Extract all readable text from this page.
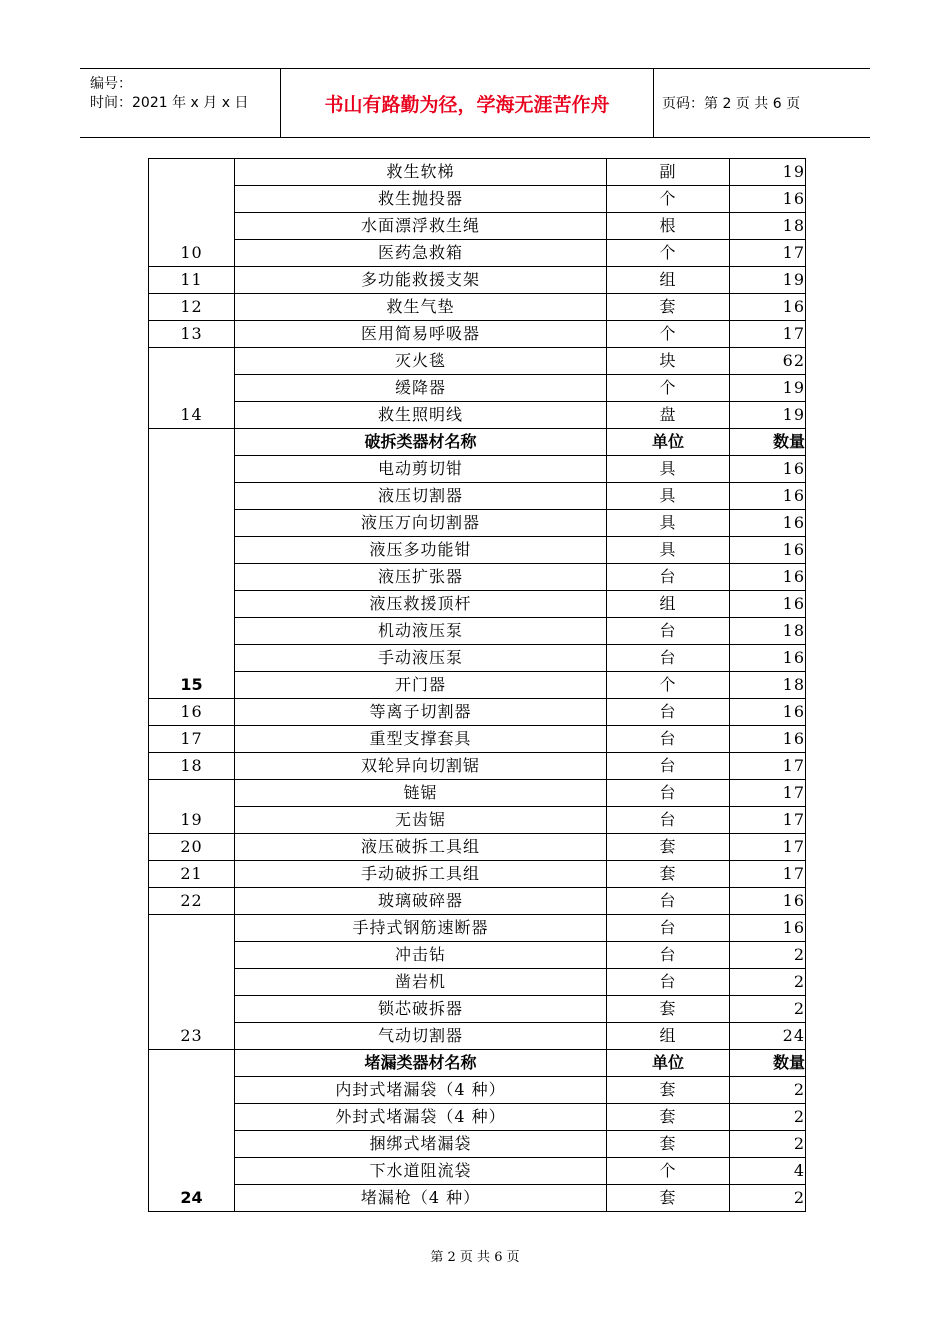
编号：
时间：2021 年 x 月 x 日	书山有路勤为径，学海无涯苦作舟	页码：第 2 页 共 6 页
10	救生软梯	副	19
	救生抛投器	个	16
	水面漂浮救生绳	根	18
	医药急救箱	个	17
11	多功能救援支架	组	19
12	救生气垫	套	16
13	医用简易呼吸器	个	17
14	灭火毯	块	62
	缓降器	个	19
	救生照明线	盘	19
15	破拆类器材名称	单位	数量
	电动剪切钳	具	16
	液压切割器	具	16
	液压万向切割器	具	16
	液压多功能钳	具	16
	液压扩张器	台	16
	液压救援顶杆	组	16
	机动液压泵	台	18
	手动液压泵	台	16
	开门器	个	18
16	等离子切割器	台	16
17	重型支撑套具	台	16
18	双轮异向切割锯	台	17
19	链锯	台	17
	无齿锯	台	17
20	液压破拆工具组	套	17
21	手动破拆工具组	套	17
22	玻璃破碎器	台	16
23	手持式钢筋速断器	台	16
	冲击钻	台	2
	凿岩机	台	2
	锁芯破拆器	套	2
	气动切割器	组	24
24	堵漏类器材名称	单位	数量
	内封式堵漏袋（4 种）	套	2
	外封式堵漏袋（4 种）	套	2
	捆绑式堵漏袋	套	2
	下水道阻流袋	个	4
	堵漏枪（4 种）	套	2
第 2 页 共 6 页
